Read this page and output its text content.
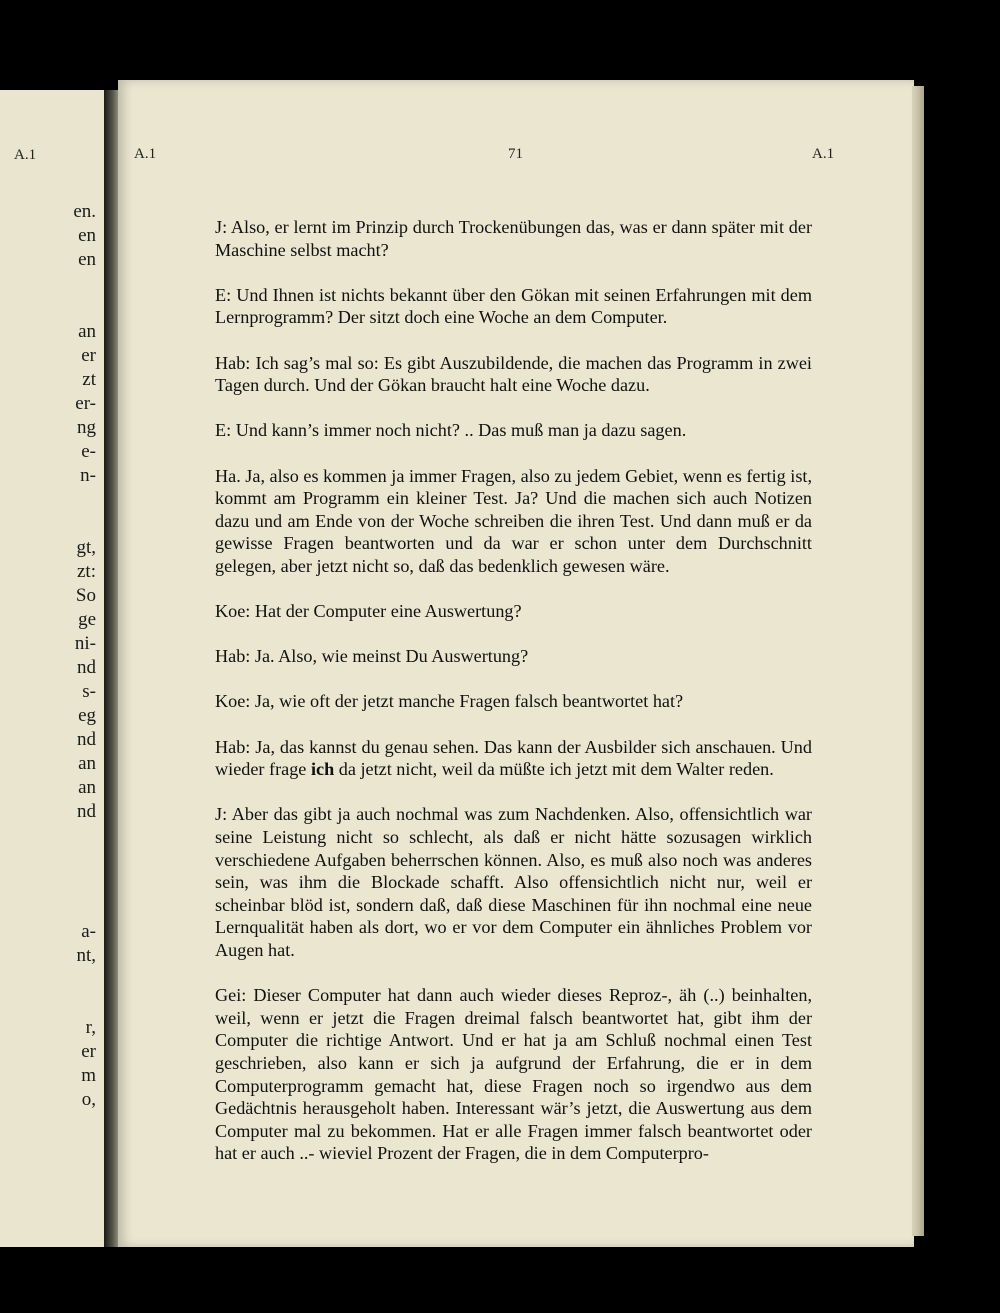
A.1
en.
en
en
an
er
zt
er-
ng
e-
n-
gt,
zt:
So
ge
ni-
nd
s-
eg
nd
an
an
nd
a-
nt,
r,
er
m
o,
A.1	71	A.1

J: Also, er lernt im Prinzip durch Trockenübungen das, was er dann später mit der Maschine selbst macht?

E: Und Ihnen ist nichts bekannt über den Gökan mit seinen Erfahrungen mit dem Lernprogramm? Der sitzt doch eine Woche an dem Computer.

Hab: Ich sag’s mal so: Es gibt Auszubildende, die machen das Programm in zwei Tagen durch. Und der Gökan braucht halt eine Woche dazu.

E: Und kann’s immer noch nicht? .. Das muß man ja dazu sagen.

Ha. Ja, also es kommen ja immer Fragen, also zu jedem Gebiet, wenn es fertig ist, kommt am Programm ein kleiner Test. Ja? Und die machen sich auch Notizen dazu und am Ende von der Woche schreiben die ihren Test. Und dann muß er da gewisse Fragen beantworten und da war er schon unter dem Durchschnitt gelegen, aber jetzt nicht so, daß das bedenklich gewesen wäre.

Koe: Hat der Computer eine Auswertung?

Hab: Ja. Also, wie meinst Du Auswertung?

Koe: Ja, wie oft der jetzt manche Fragen falsch beantwortet hat?

Hab: Ja, das kannst du genau sehen. Das kann der Ausbilder sich anschauen. Und wieder frage ich da jetzt nicht, weil da müßte ich jetzt mit dem Walter reden.

J: Aber das gibt ja auch nochmal was zum Nachdenken. Also, offensichtlich war seine Leistung nicht so schlecht, als daß er nicht hätte sozusagen wirklich verschiedene Aufgaben beherrschen können. Also, es muß also noch was anderes sein, was ihm die Blockade schafft. Also offensichtlich nicht nur, weil er scheinbar blöd ist, sondern daß, daß diese Maschinen für ihn nochmal eine neue Lernqualität haben als dort, wo er vor dem Computer ein ähnliches Problem vor Augen hat.

Gei: Dieser Computer hat dann auch wieder dieses Reproz-, äh (..) beinhalten, weil, wenn er jetzt die Fragen dreimal falsch beantwortet hat, gibt ihm der Computer die richtige Antwort. Und er hat ja am Schluß nochmal einen Test geschrieben, also kann er sich ja aufgrund der Erfahrung, die er in dem Computerprogramm gemacht hat, diese Fragen noch so irgendwo aus dem Gedächtnis herausgeholt haben. Interessant wär’s jetzt, die Auswertung aus dem Computer mal zu bekommen. Hat er alle Fragen immer falsch beantwortet oder hat er auch ..- wieviel Prozent der Fragen, die in dem Computerpro-
